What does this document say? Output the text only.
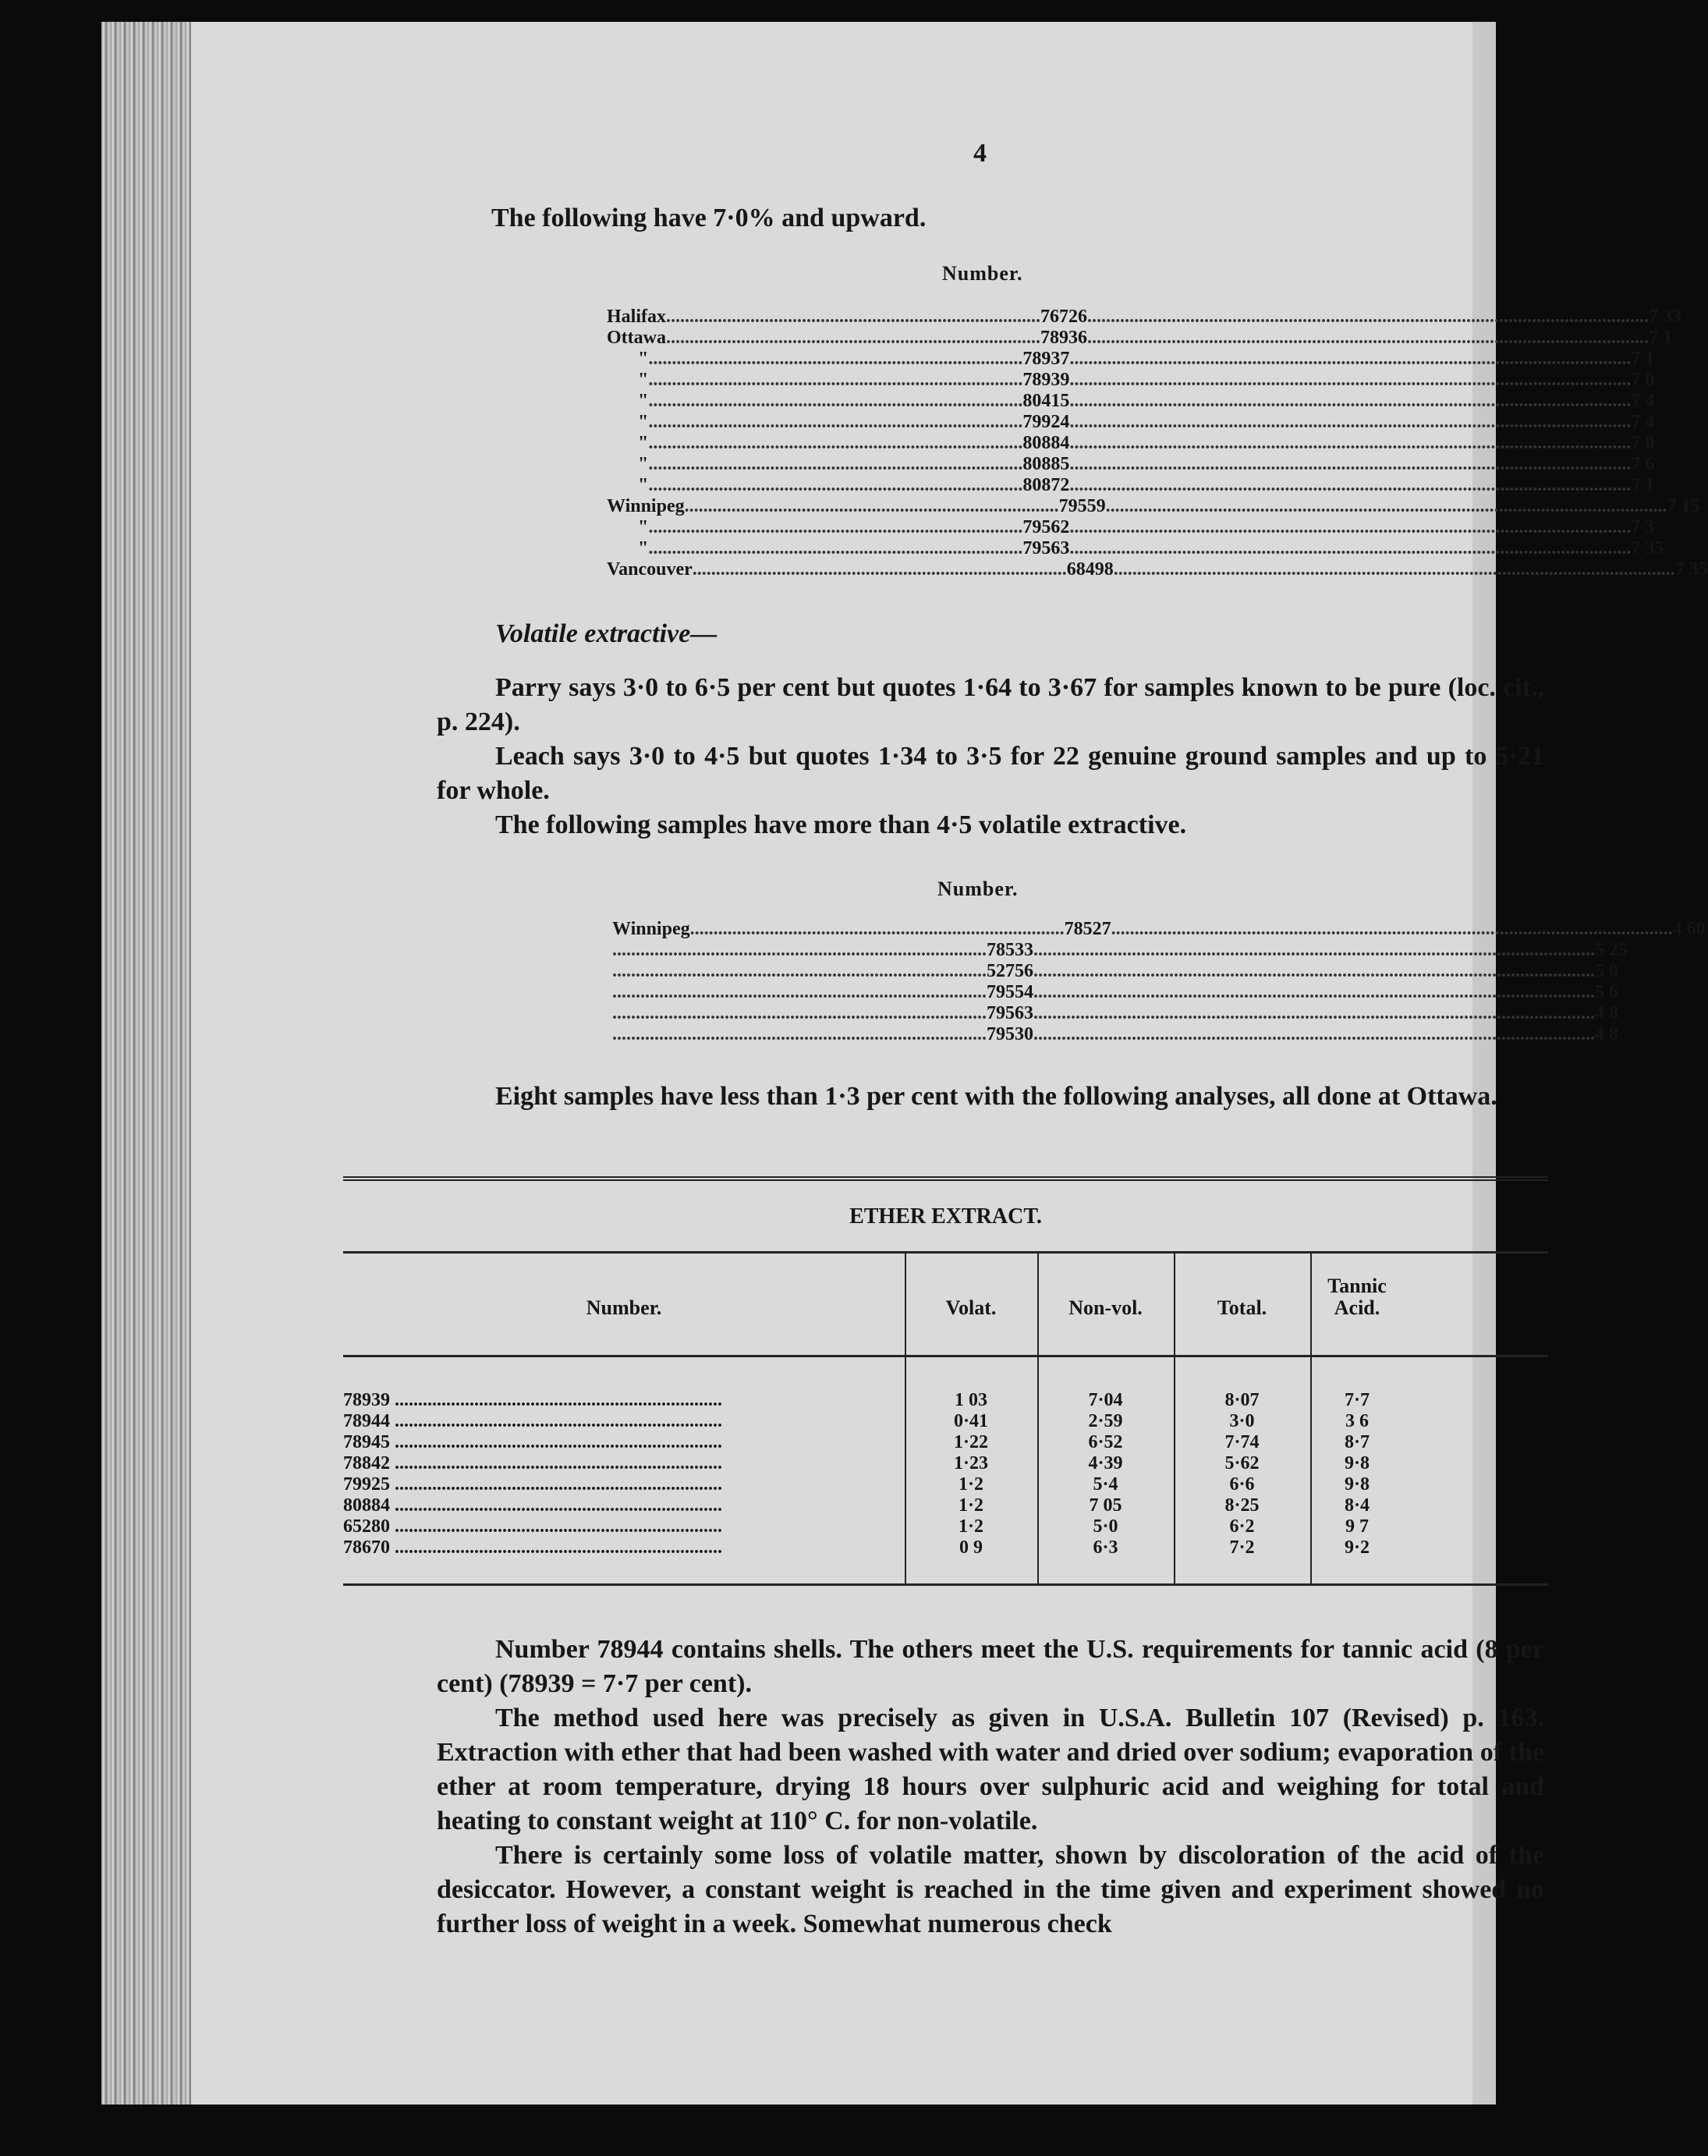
4
The following have 7·0% and upward.
Number.
Halifax ................................................................................ 76726 ........................................................................................................................ 7 33
Ottawa ................................................................................ 78936 ........................................................................................................................ 7 1
" ................................................................................ 78937 ........................................................................................................................ 7 1
" ................................................................................ 78939 ........................................................................................................................ 7 0
" ................................................................................ 80415 ........................................................................................................................ 7 4
" ................................................................................ 79924 ........................................................................................................................ 7 4
" ................................................................................ 80884 ........................................................................................................................ 7 0
" ................................................................................ 80885 ........................................................................................................................ 7 6
" ................................................................................ 80872 ........................................................................................................................ 7 1
Winnipeg ................................................................................ 79559 ........................................................................................................................ 7 15
" ................................................................................ 79562 ........................................................................................................................ 7 3
" ................................................................................ 79563 ........................................................................................................................ 7 35
Vancouver ................................................................................ 68498 ........................................................................................................................ 7 35
Volatile extractive—
Parry says 3·0 to 6·5 per cent but quotes 1·64 to 3·67 for samples known to be pure (loc. cit., p. 224).
Leach says 3·0 to 4·5 but quotes 1·34 to 3·5 for 22 genuine ground samples and up to 5·21 for whole.
The following samples have more than 4·5 volatile extractive.
Number.
Winnipeg ................................................................................ 78527 ........................................................................................................................ 4 60
................................................................................ 78533 ........................................................................................................................ 5 25
................................................................................ 52756 ........................................................................................................................ 5 0
................................................................................ 79554 ........................................................................................................................ 5 6
................................................................................ 79563 ........................................................................................................................ 4 8
................................................................................ 79530 ........................................................................................................................ 4 8
Eight samples have less than 1·3 per cent with the following analyses, all done at Ottawa.
ETHER EXTRACT.
Number.	Volat.	Non-vol.	Total.
Tannic Acid.
78939 ......................................................................	1 03	7·04	8·07	7·7
78944 ......................................................................	0·41	2·59	3·0	3 6
78945 ......................................................................	1·22	6·52	7·74	8·7
78842 ......................................................................	1·23	4·39	5·62	9·8
79925 ......................................................................	1·2	5·4	6·6	9·8
80884 ......................................................................	1·2	7 05	8·25	8·4
65280 ......................................................................	1·2	5·0	6·2	9 7
78670 ......................................................................	0 9	6·3	7·2	9·2
Number 78944 contains shells. The others meet the U.S. requirements for tannic acid (8 per cent) (78939 = 7·7 per cent).
The method used here was precisely as given in U.S.A. Bulletin 107 (Revised) p. 163. Extraction with ether that had been washed with water and dried over sodium; evaporation of the ether at room temperature, drying 18 hours over sulphuric acid and weighing for total and heating to constant weight at 110° C. for non-volatile.
There is certainly some loss of volatile matter, shown by discoloration of the acid of the desiccator. However, a constant weight is reached in the time given and experiment showed no further loss of weight in a week. Somewhat numerous check
